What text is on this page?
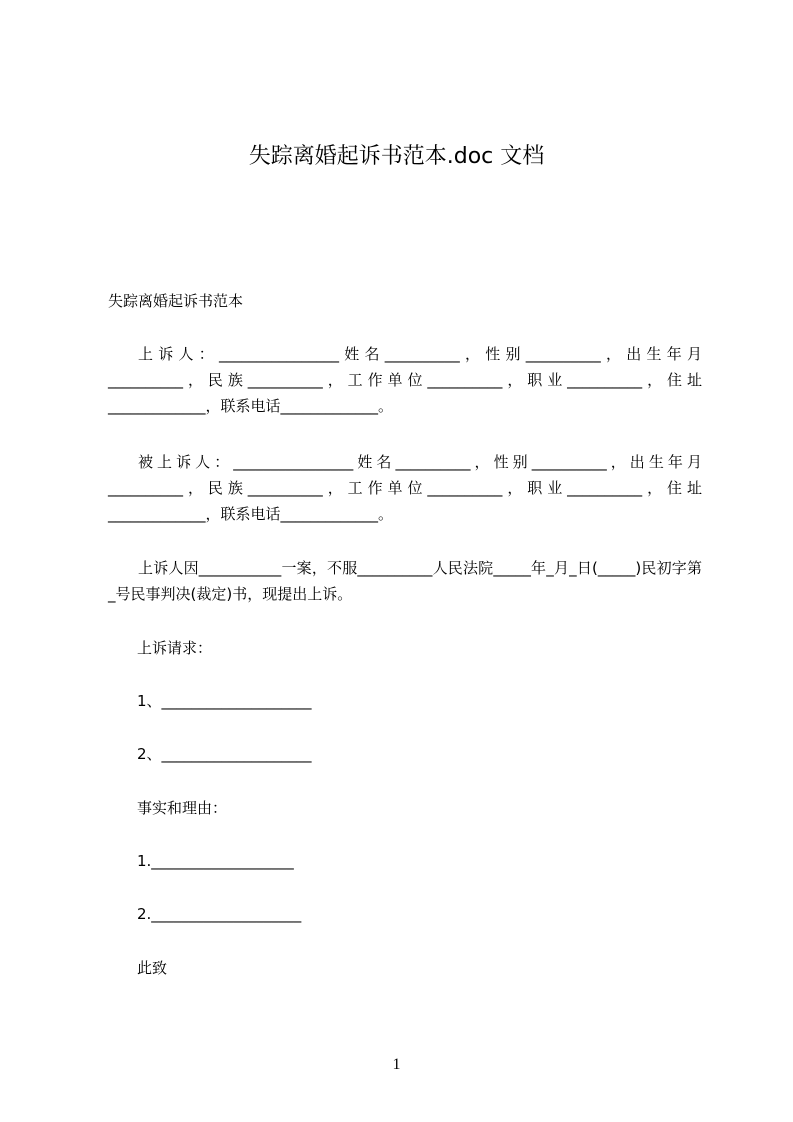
失踪离婚起诉书范本.doc 文档
失踪离婚起诉书范本
上诉人：________________姓名__________，性别__________，出生年月__________，民族__________，工作单位__________，职业__________，住址_____________，联系电话_____________。
被上诉人：________________姓名__________，性别__________，出生年月__________，民族__________，工作单位__________，职业__________，住址_____________，联系电话_____________。
上诉人因___________一案，不服__________人民法院_____年_月_日(_____)民初字第_号民事判决(裁定)书，现提出上诉。
上诉请求：
1、____________________
2、____________________
事实和理由：
1.___________________
2.____________________
此致
1
